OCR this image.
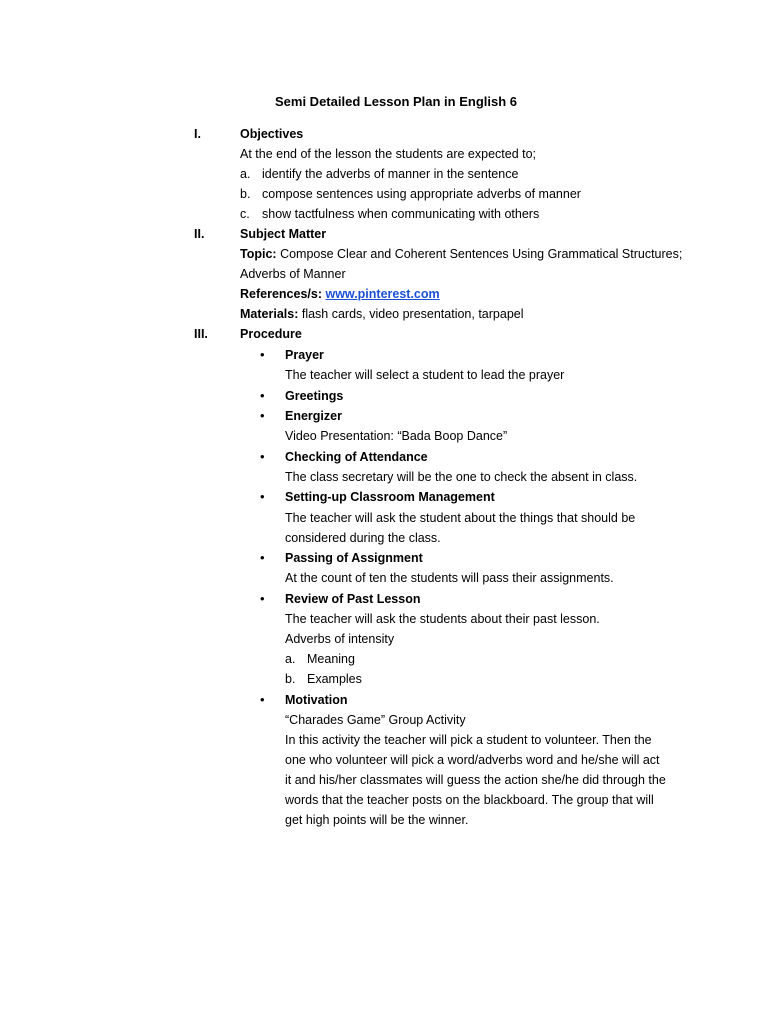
Semi Detailed Lesson Plan in English 6
I.	Objectives
At the end of the lesson the students are expected to;
a. identify the adverbs of manner in the sentence
b. compose sentences using appropriate adverbs of manner
c. show tactfulness when communicating with others
II.	Subject Matter
Topic: Compose Clear and Coherent Sentences Using Grammatical Structures;
Adverbs of Manner
References/s: www.pinterest.com
Materials: flash cards, video presentation, tarpapel
III.	Procedure
• Prayer
The teacher will select a student to lead the prayer
• Greetings
• Energizer
Video Presentation: “Bada Boop Dance”
• Checking of Attendance
The class secretary will be the one to check the absent in class.
• Setting-up Classroom Management
The teacher will ask the student about the things that should be
considered during the class.
• Passing of Assignment
At the count of ten the students will pass their assignments.
• Review of Past Lesson
The teacher will ask the students about their past lesson.
Adverbs of intensity
a. Meaning
b. Examples
• Motivation
“Charades Game” Group Activity
In this activity the teacher will pick a student to volunteer. Then the
one who volunteer will pick a word/adverbs word and he/she will act
it and his/her classmates will guess the action she/he did through the
words that the teacher posts on the blackboard. The group that will
get high points will be the winner.
